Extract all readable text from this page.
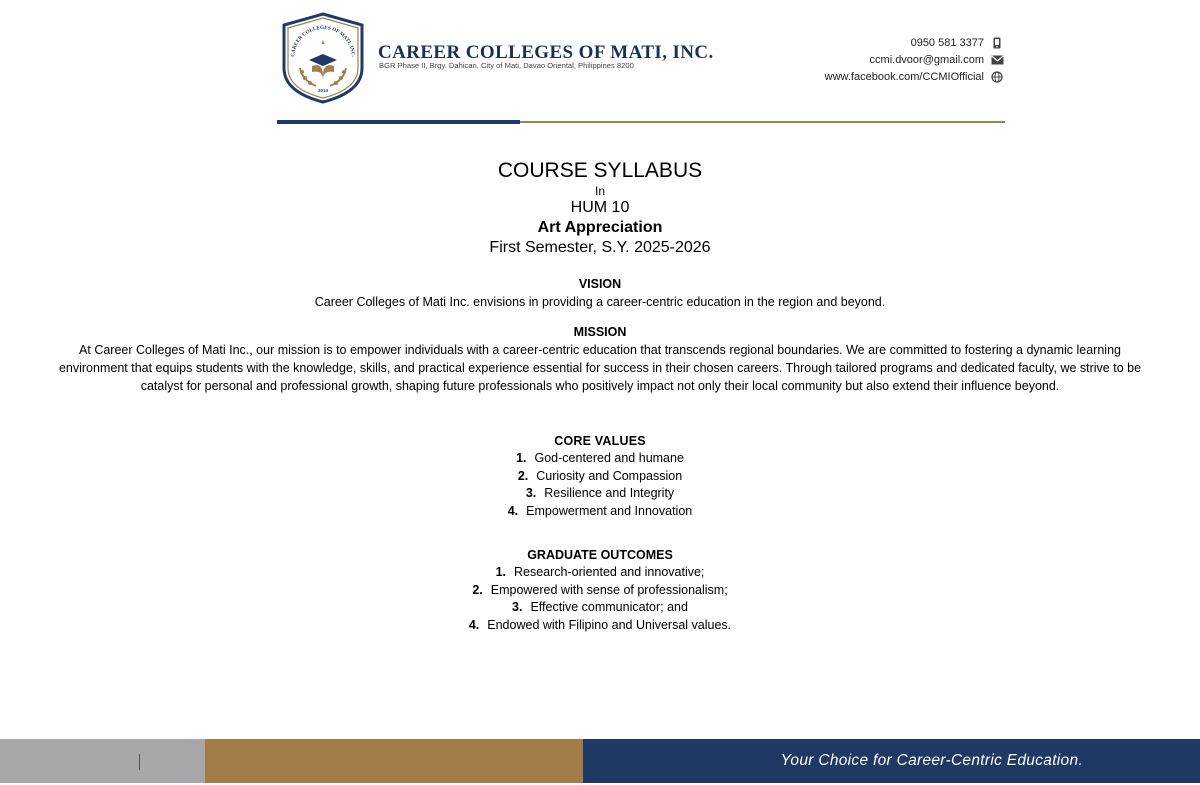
CAREER COLLEGES OF MATI, INC.
2014
CAREER COLLEGES OF MATI, INC.
BGR Phase II, Brgy. Dahican, City of Mati, Davao Oriental, Philippines 8200
0950 581 3377
ccmi.dvoor@gmail.com
www.facebook.com/CCMIOfficial
COURSE SYLLABUS
In
HUM 10
Art Appreciation
First Semester, S.Y. 2025-2026
VISION
Career Colleges of Mati Inc. envisions in providing a career-centric education in the region and beyond.
MISSION
At Career Colleges of Mati Inc., our mission is to empower individuals with a career-centric education that transcends regional boundaries. We are committed to fostering a dynamic learning environment that equips students with the knowledge, skills, and practical experience essential for success in their chosen careers. Through tailored programs and dedicated faculty, we strive to be catalyst for personal and professional growth, shaping future professionals who positively impact not only their local community but also extend their influence beyond.
CORE VALUES
1. God-centered and humane
2. Curiosity and Compassion
3. Resilience and Integrity
4. Empowerment and Innovation
GRADUATE OUTCOMES
1. Research-oriented and innovative;
2. Empowered with sense of professionalism;
3. Effective communicator; and
4. Endowed with Filipino and Universal values.
Your Choice for Career-Centric Education.
